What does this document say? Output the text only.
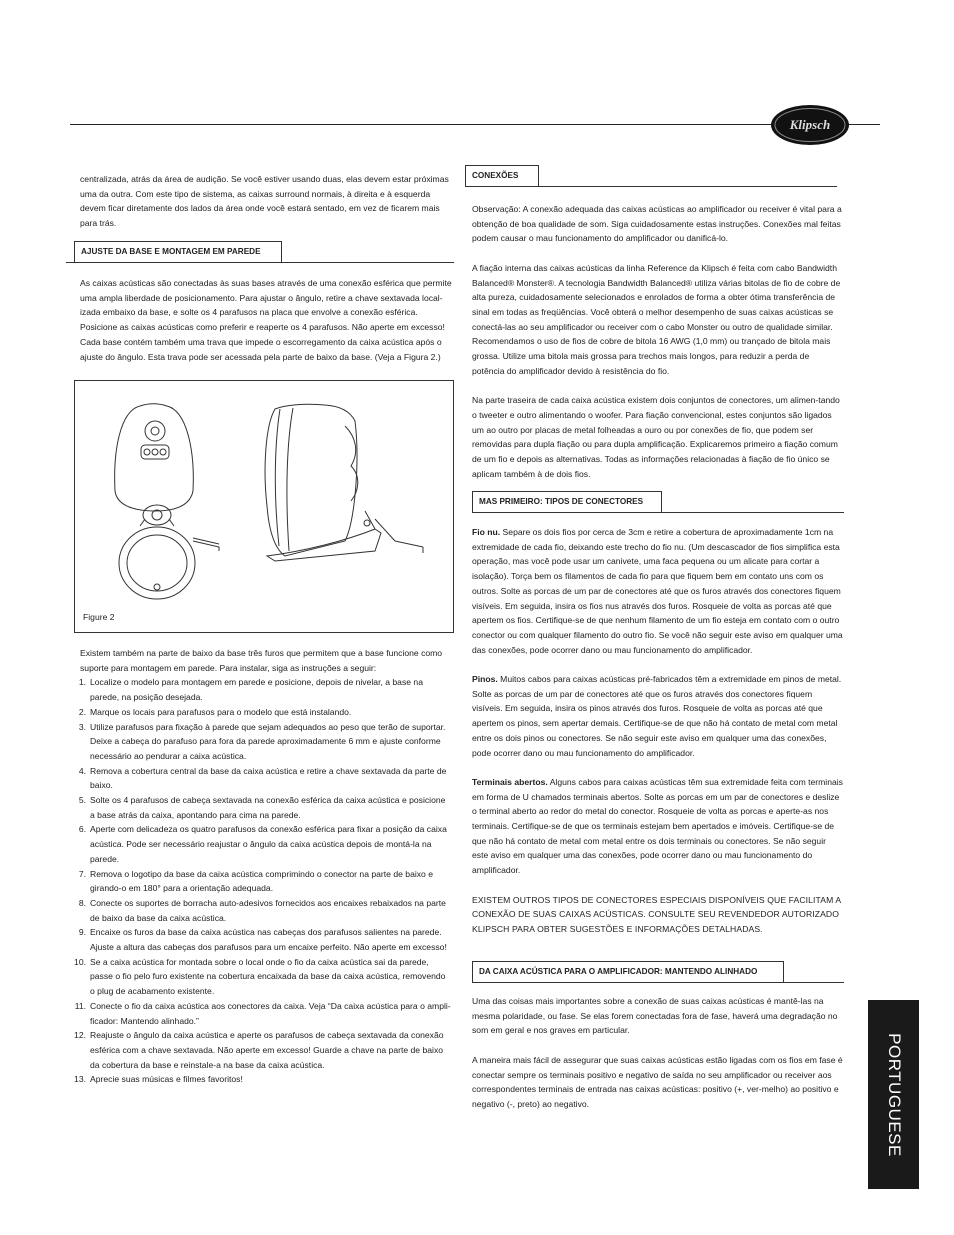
Klipsch

centralizada, atrás da área de audição. Se você estiver usando duas, elas devem estar próximas uma da outra. Com este tipo de sistema, as caixas surround normais, à direita e à esquerda devem ficar diretamente dos lados da área onde você estará sentado, em vez de ficarem mais para trás.

AJUSTE DA BASE E MONTAGEM EM PAREDE

As caixas acústicas são conectadas às suas bases através de uma conexão esférica que permite uma ampla liberdade de posicionamento. Para ajustar o ângulo, retire a chave sextavada local-izada embaixo da base, e solte os 4 parafusos na placa que envolve a conexão esférica. Posicione as caixas acústicas como preferir e reaperte os 4 parafusos. Não aperte em excesso! Cada base contém também uma trava que impede o escorregamento da caixa acústica após o ajuste do ângulo. Esta trava pode ser acessada pela parte de baixo da base. (Veja a Figura 2.)

Figure 2

Existem também na parte de baixo da base três furos que permitem que a base funcione como suporte para montagem em parede. Para instalar, siga as instruções a seguir:

1. Localize o modelo para montagem em parede e posicione, depois de nivelar, a base na parede, na posição desejada.
2. Marque os locais para parafusos para o modelo que está instalando.
3. Utilize parafusos para fixação à parede que sejam adequados ao peso que terão de suportar. Deixe a cabeça do parafuso para fora da parede aproximadamente 6 mm e ajuste conforme necessário ao pendurar a caixa acústica.
4. Remova a cobertura central da base da caixa acústica e retire a chave sextavada da parte de baixo.
5. Solte os 4 parafusos de cabeça sextavada na conexão esférica da caixa acústica e posicione a base atrás da caixa, apontando para cima na parede.
6. Aperte com delicadeza os quatro parafusos da conexão esférica para fixar a posição da caixa acústica. Pode ser necessário reajustar o ângulo da caixa acústica depois de montá-la na parede.
7. Remova o logotipo da base da caixa acústica comprimindo o conector na parte de baixo e girando-o em 180° para a orientação adequada.
8. Conecte os suportes de borracha auto-adesivos fornecidos aos encaixes rebaixados na parte de baixo da base da caixa acústica.
9. Encaixe os furos da base da caixa acústica nas cabeças dos parafusos salientes na parede. Ajuste a altura das cabeças dos parafusos para um encaixe perfeito. Não aperte em excesso!
10. Se a caixa acústica for montada sobre o local onde o fio da caixa acústica sai da parede, passe o fio pelo furo existente na cobertura encaixada da base da caixa acústica, removendo o plug de acabamento existente.
11. Conecte o fio da caixa acústica aos conectores da caixa. Veja “Da caixa acústica para o ampli-ficador: Mantendo alinhado.”
12. Reajuste o ângulo da caixa acústica e aperte os parafusos de cabeça sextavada da conexão esférica com a chave sextavada. Não aperte em excesso! Guarde a chave na parte de baixo da cobertura da base e reinstale-a na base da caixa acústica.
13. Aprecie suas músicas e filmes favoritos!
CONEXÕES

Observação: A conexão adequada das caixas acústicas ao amplificador ou receiver é vital para a obtenção de boa qualidade de som. Siga cuidadosamente estas instruções. Conexões mal feitas podem causar o mau funcionamento do amplificador ou danificá-lo.

A fiação interna das caixas acústicas da linha Reference da Klipsch é feita com cabo Bandwidth Balanced® Monster®. A tecnologia Bandwidth Balanced® utiliza várias bitolas de fio de cobre de alta pureza, cuidadosamente selecionados e enrolados de forma a obter ótima transferência de sinal em todas as freqüências. Você obterá o melhor desempenho de suas caixas acústicas se conectá-las ao seu amplificador ou receiver com o cabo Monster ou outro de qualidade similar. Recomendamos o uso de fios de cobre de bitola 16 AWG (1,0 mm) ou trançado de bitola mais grossa. Utilize uma bitola mais grossa para trechos mais longos, para reduzir a perda de potência do amplificador devido à resistência do fio.

Na parte traseira de cada caixa acústica existem dois conjuntos de conectores, um alimen-tando o tweeter e outro alimentando o woofer. Para fiação convencional, estes conjuntos são ligados um ao outro por placas de metal folheadas a ouro ou por conexões de fio, que podem ser removidas para dupla fiação ou para dupla amplificação. Explicaremos primeiro a fiação comum de um fio e depois as alternativas. Todas as informações relacionadas à fiação de fio único se aplicam também à de dois fios.

MAS PRIMEIRO: TIPOS DE CONECTORES

Fio nu. Separe os dois fios por cerca de 3cm e retire a cobertura de aproximadamente 1cm na extremidade de cada fio, deixando este trecho do fio nu. (Um descascador de fios simplifica esta operação, mas você pode usar um canivete, uma faca pequena ou um alicate para cortar a isolação). Torça bem os filamentos de cada fio para que fiquem bem em contato uns com os outros. Solte as porcas de um par de conectores até que os furos através dos conectores fiquem visíveis. Em seguida, insira os fios nus através dos furos. Rosqueie de volta as porcas até que apertem os fios. Certifique-se de que nenhum filamento de um fio esteja em contato com o outro conector ou com qualquer filamento do outro fio. Se você não seguir este aviso em qualquer uma das conexões, pode ocorrer dano ou mau funcionamento do amplificador.

Pinos. Muitos cabos para caixas acústicas pré-fabricados têm a extremidade em pinos de metal. Solte as porcas de um par de conectores até que os furos através dos conectores fiquem visíveis. Em seguida, insira os pinos através dos furos. Rosqueie de volta as porcas até que apertem os pinos, sem apertar demais. Certifique-se de que não há contato de metal com metal entre os dois pinos ou conectores. Se não seguir este aviso em qualquer uma das conexões, pode ocorrer dano ou mau funcionamento do amplificador.

Terminais abertos. Alguns cabos para caixas acústicas têm sua extremidade feita com terminais em forma de U chamados terminais abertos. Solte as porcas em um par de conectores e deslize o terminal aberto ao redor do metal do conector. Rosqueie de volta as porcas e aperte-as nos terminais. Certifique-se de que os terminais estejam bem apertados e imóveis. Certifique-se de que não há contato de metal com metal entre os dois terminais ou conectores. Se não seguir este aviso em qualquer uma das conexões, pode ocorrer dano ou mau funcionamento do amplificador.

EXISTEM OUTROS TIPOS DE CONECTORES ESPECIAIS DISPONÍVEIS QUE FACILITAM A CONEXÃO DE SUAS CAIXAS ACÚSTICAS. CONSULTE SEU REVENDEDOR AUTORIZADO KLIPSCH PARA OBTER SUGESTÕES E INFORMAÇÕES DETALHADAS.

DA CAIXA ACÚSTICA PARA O AMPLIFICADOR: MANTENDO ALINHADO

Uma das coisas mais importantes sobre a conexão de suas caixas acústicas é mantê-las na mesma polaridade, ou fase. Se elas forem conectadas fora de fase, haverá uma degradação no som em geral e nos graves em particular.

A maneira mais fácil de assegurar que suas caixas acústicas estão ligadas com os fios em fase é conectar sempre os terminais positivo e negativo de saída no seu amplificador ou receiver aos correspondentes terminais de entrada nas caixas acústicas: positivo (+, ver-melho) ao positivo e negativo (-, preto) ao negativo.	PORTUGUESE
